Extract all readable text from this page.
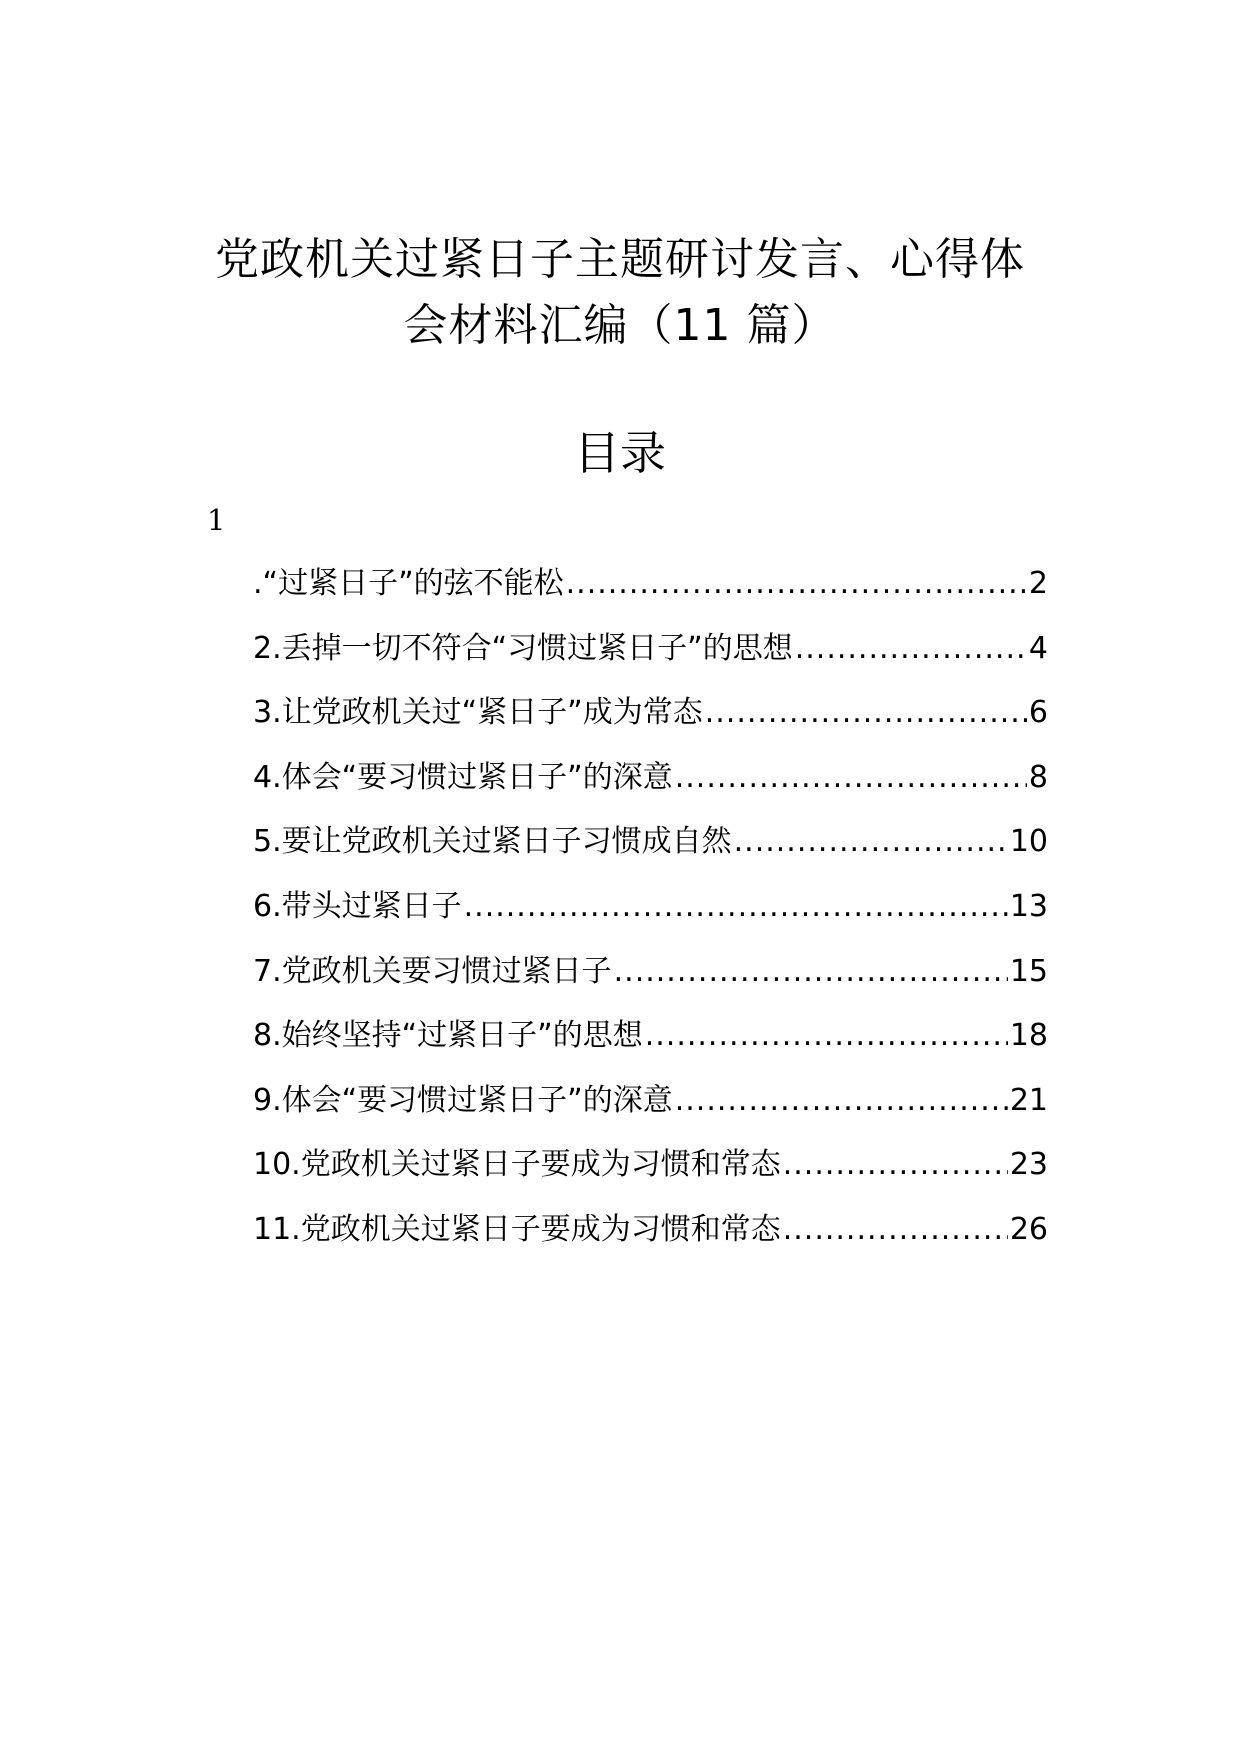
党政机关过紧日子主题研讨发言、心得体
会材料汇编（11 篇）
目录
1
.“过紧日子”的弦不能松 .....	2
2.丢掉一切不符合“习惯过紧日子”的思想 .....	4
3.让党政机关过“紧日子”成为常态 .....	6
4.体会“要习惯过紧日子”的深意 .....	8
5.要让党政机关过紧日子习惯成自然 .....	10
6.带头过紧日子 .....	13
7.党政机关要习惯过紧日子 .....	15
8.始终坚持“过紧日子”的思想 .....	18
9.体会“要习惯过紧日子”的深意 .....	21
10.党政机关过紧日子要成为习惯和常态 .....	23
11.党政机关过紧日子要成为习惯和常态 .....	26
